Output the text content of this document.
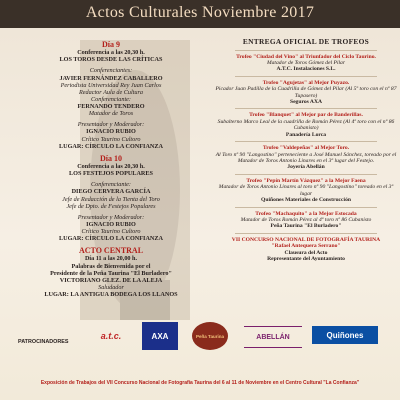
Actos Culturales Noviembre 2017
Día 9
Conferencia a las 20,30 h.
LOS TOROS DESDE LAS CRÍTICAS
Conferenciantes:
JAVIER FERNÁNDEZ CABALLERO
Periodista Universidad Rey Juan Carlos
Redactor Aula de Cultura
Conferenciante:
FERNANDO TENDERO
Matador de Toros
Presentador y Moderador:
IGNACIO RUBIO
Crítico Taurino Cultoro
LUGAR: CÍRCULO LA CONFIANZA
Día 10
Conferencia a las 20,30 h.
LOS FESTEJOS POPULARES
Conferenciante:
DIEGO CERVERA GARCÍA
Jefe de Redacción de la Tienta del Toro
Jefe de Dpto. de Festejos Populares
Presentador y Moderador:
IGNACIO RUBIO
Crítico Taurino Cultoro
LUGAR: CÍRCULO LA CONFIANZA
ACTO CENTRAL
Día 11 a las 20,00 h.
Palabras de Bienvenida por el
Presidente de la Peña Taurina "El Burladero"
VICTORIANO GLEZ. DE LA ALEJA
Saludador
LUGAR: LA ANTIGUA BODEGA LOS LLANOS
ENTREGA OFICIAL DE TROFEOS
Trofeo "Ciudad del Vino" al Triunfador del Ciclo Taurino.
Matador de Toros Gómez del Pilar
A.T.C. Instalaciones S.L.
Trofeo "Agujetas" al Mejor Puyazo.
Picador Juan Padilla de la Cuadrilla de Gómez del Pilar (Al 5º toro con el nº 87 Tupasero)
Seguros AXA
Trofeo "Blanquet" al Mejor par de Banderillas.
Subalterno Marco Leal de la cuadrilla de Román Pérez (Al 4º toro con el nº 86 Cubanisto)
Panadería Lorca
Trofeo "Valdepeñas" al Mejor Toro.
Al Toro nº 90 "Langostino" perteneciente a José Manuel Sánchez, toreado por el Matador de Toros Antonio Linares en el 3º lugar del Festejo.
Joyería Abellán
Trofeo "Pepín Martín Vázquez" a la Mejor Faena
Matador de Toros Antonio Linares al toro nº 90 "Langostino" toreado en el 3º lugar
Quiñones Materiales de Construcción
Trofeo "Machaquito" a la Mejor Estocada
Matador de Toros Román Pérez al 4º toro nº 86 Cubanisto
Peña Taurina "El Burladero"
VII CONCURSO NACIONAL DE FOTOGRAFÍA TAURINA
"Rafael Antequera Serrano"
Clausura del Acto
Representante del Ayuntamiento
PATROCINADORES
a.t.c.	AXA	Peña Taurina	ABELLÁN	Quiñones
Exposición de Trabajos del VII Concurso Nacional de Fotografía Taurina del 6 al 11 de Noviembre en el Centro Cultural "La Confianza"
